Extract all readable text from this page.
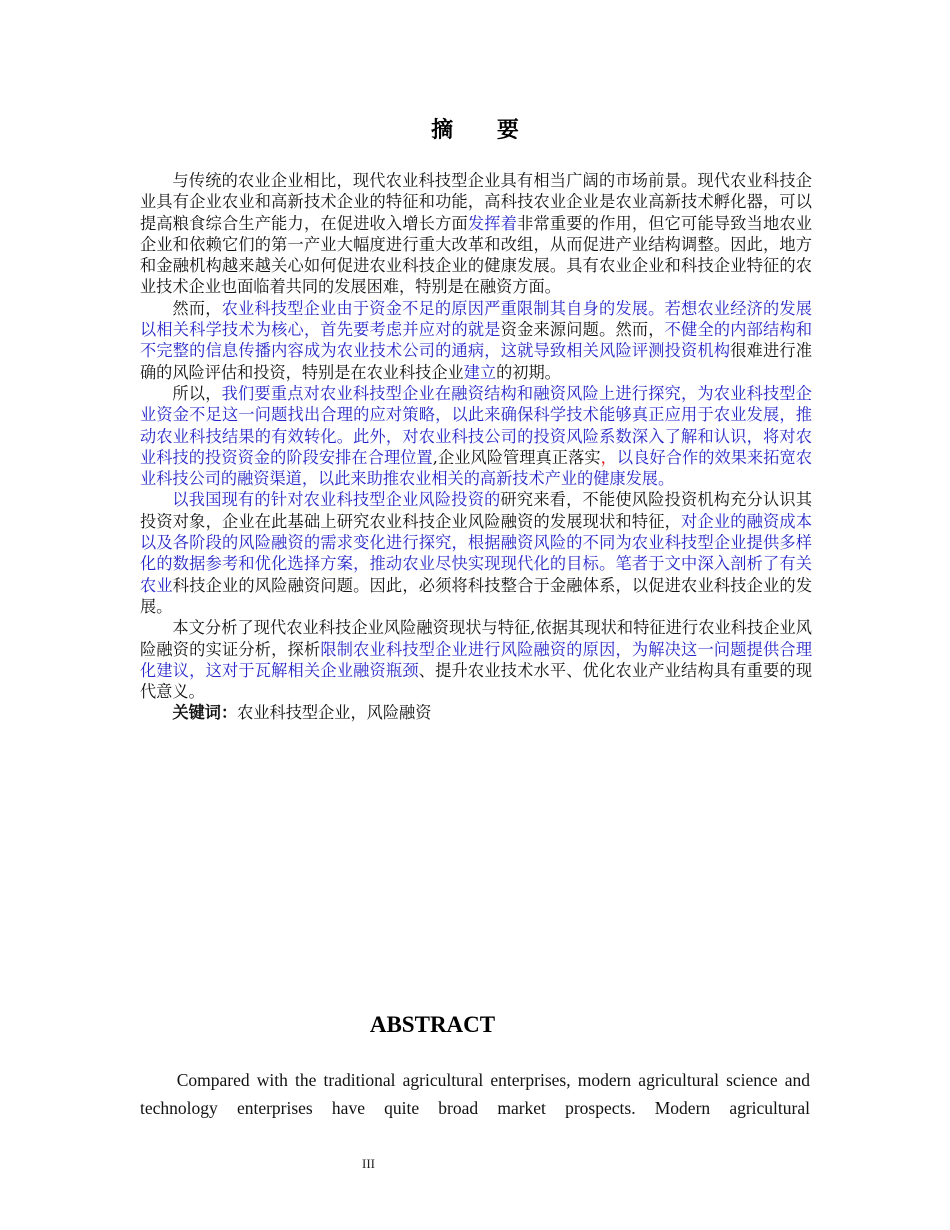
摘 要

与传统的农业企业相比，现代农业科技型企业具有相当广阔的市场前景。现代农业科技企业具有企业农业和高新技术企业的特征和功能，高科技农业企业是农业高新技术孵化器，可以提高粮食综合生产能力，在促进收入增长方面发挥着非常重要的作用，但它可能导致当地农业企业和依赖它们的第一产业大幅度进行重大改革和改组，从而促进产业结构调整。因此，地方和金融机构越来越关心如何促进农业科技企业的健康发展。具有农业企业和科技企业特征的农业技术企业也面临着共同的发展困难，特别是在融资方面。

然而，农业科技型企业由于资金不足的原因严重限制其自身的发展。若想农业经济的发展以相关科学技术为核心，首先要考虑并应对的就是资金来源问题。然而，不健全的内部结构和不完整的信息传播内容成为农业技术公司的通病，这就导致相关风险评测投资机构很难进行准确的风险评估和投资，特别是在农业科技企业建立的初期。

所以，我们要重点对农业科技型企业在融资结构和融资风险上进行探究，为农业科技型企业资金不足这一问题找出合理的应对策略，以此来确保科学技术能够真正应用于农业发展，推动农业科技结果的有效转化。此外，对农业科技公司的投资风险系数深入了解和认识，将对农业科技的投资资金的阶段安排在合理位置,企业风险管理真正落实，以良好合作的效果来拓宽农业科技公司的融资渠道，以此来助推农业相关的高新技术产业的健康发展。

以我国现有的针对农业科技型企业风险投资的研究来看，不能使风险投资机构充分认识其投资对象，企业在此基础上研究农业科技企业风险融资的发展现状和特征，对企业的融资成本以及各阶段的风险融资的需求变化进行探究，根据融资风险的不同为农业科技型企业提供多样化的数据参考和优化选择方案，推动农业尽快实现现代化的目标。笔者于文中深入剖析了有关农业科技企业的风险融资问题。因此，必须将科技整合于金融体系，以促进农业科技企业的发展。

本文分析了现代农业科技企业风险融资现状与特征,依据其现状和特征进行农业科技企业风险融资的实证分析，探析限制农业科技型企业进行风险融资的原因，为解决这一问题提供合理化建议，这对于瓦解相关企业融资瓶颈、提升农业技术水平、优化农业产业结构具有重要的现代意义。

关键词：农业科技型企业，风险融资

ABSTRACT

Compared with the traditional agricultural enterprises, modern agricultural science and technology enterprises have quite broad market prospects. Modern agricultural

III
